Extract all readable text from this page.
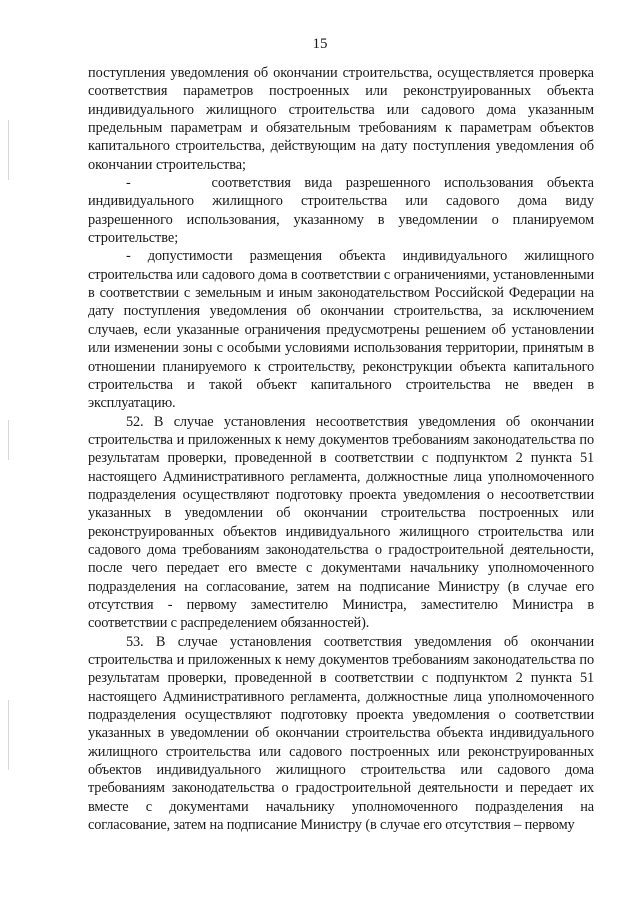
15

поступления уведомления об окончании строительства, осуществляется проверка соответствия параметров построенных или реконструированных объекта индивидуального жилищного строительства или садового дома указанным предельным параметрам и обязательным требованиям к параметрам объектов капитального строительства, действующим на дату поступления уведомления об окончании строительства;

-      соответствия вида разрешенного использования объекта индивидуального жилищного строительства или садового дома виду разрешенного использования, указанному в уведомлении о планируемом строительстве;

- допустимости размещения объекта индивидуального жилищного строительства или садового дома в соответствии с ограничениями, установленными в соответствии с земельным и иным законодательством Российской Федерации на дату поступления уведомления об окончании строительства, за исключением случаев, если указанные ограничения предусмотрены решением об установлении или изменении зоны с особыми условиями использования территории, принятым в отношении планируемого к строительству, реконструкции объекта капитального строительства и такой объект капитального строительства не введен в эксплуатацию.

52. В случае установления несоответствия уведомления об окончании строительства и приложенных к нему документов требованиям законодательства по результатам проверки, проведенной в соответствии с подпунктом 2 пункта 51 настоящего Административного регламента, должностные лица уполномоченного подразделения осуществляют подготовку проекта уведомления о несоответствии указанных в уведомлении об окончании строительства построенных или реконструированных объектов индивидуального жилищного строительства или садового дома требованиям законодательства о градостроительной деятельности, после чего передает его вместе с документами начальнику уполномоченного подразделения на согласование, затем на подписание Министру (в случае его отсутствия - первому заместителю Министра, заместителю Министра в соответствии с распределением обязанностей).

53. В случае установления соответствия уведомления об окончании строительства и приложенных к нему документов требованиям законодательства по результатам проверки, проведенной в соответствии с подпунктом 2 пункта 51 настоящего Административного регламента, должностные лица уполномоченного подразделения осуществляют подготовку проекта уведомления о соответствии указанных в уведомлении об окончании строительства объекта индивидуального жилищного строительства или садового построенных или реконструированных объектов индивидуального жилищного строительства или садового дома требованиям законодательства о градостроительной деятельности и передает их вместе с документами начальнику уполномоченного подразделения на согласование, затем на подписание Министру (в случае его отсутствия – первому
